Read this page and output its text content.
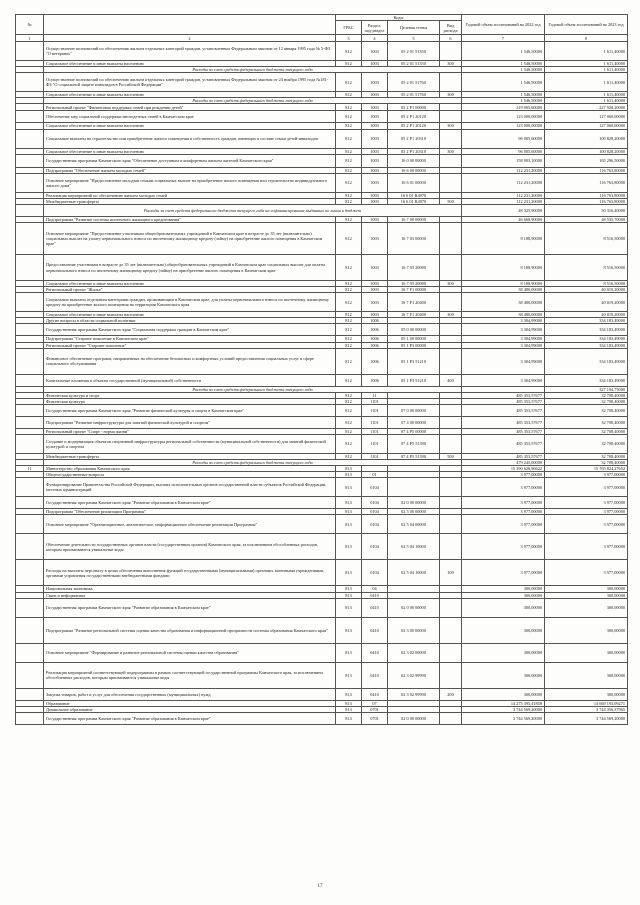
№		Коды				Годовой объем ассигнований на 2022 год	Годовой объем ассигнований на 2023 год
		ГРБС	Раздел, под-раздел	Целевая статья	Вид расхода		
1	2	3	4	5	6	7	8
	Осуществление полномочий по обеспечению жильем отдельных категорий граждан, установленных Федеральным законом от 12 января 1995 года № 5-ФЗ "О ветеранах"	812	1003	05 2 01 51350		1 546,50000	1 611,40000
	Социальное обеспечение и иные выплаты населению	812	1003	05 2 01 51350	300	1 546,50000	1 611,40000
	Расходы за счет средств федерального бюджета текущего года					1 546,50000	1 611,40000
	Осуществление полномочий по обеспечению жильем отдельных категорий граждан, установленных Федеральным законом от 24 ноября 1995 года №181-ФЗ "О социальной защите инвалидов в Российской Федерации"	812	1003	05 2 01 51760		1 546,50000	1 611,40000
	Социальное обеспечение и иные выплаты населению	812	1003	05 2 01 51760	300	1 546,50000	1 611,40000
	Расходы за счет средств федерального бюджета текущего года					1 546,50000	1 611,40000
	Региональный проект "Финансовая поддержка семей при рождении детей"	812	1003	05 2 P1 00000		219 005,60000	227 928,20000
	Обеспечение мер социальной поддержки многодетных семей в Камчатском крае	812	1003	05 2 P1 20120		123 000,00000	127 060,00000
	Социальное обеспечение и иные выплаты населению	812	1003	05 2 P1 20120	300	123 000,00000	127 060,00000
	Социальные выплаты на строительство или приобретение жилого помещения в собственность граждан, имеющих в составе семьи детей-инвалидов	812	1003	05 2 P1 20310		96 005,60000	100 828,20000
	Социальное обеспечение и иные выплаты населению	812	1003	05 2 P1 20310	300	96 005,60000	100 828,20000
	Государственная программа Камчатского края "Обеспечение доступным и комфортным жильем жителей Камчатского края"	812	1003	16 0 00 00000		158 903,10000	165 296,50000
	Подпрограмма "Обеспечение жильем молодых семей"	812	1003	16 6 00 00000		112 231,20000	116 763,80000
	Основное мероприятие "Предоставление молодым семьям социальных выплат на приобретение жилого помещения или строительство индивидуального жилого дома"	812	1003	16 6 01 00000		112 231,20000	116 763,80000
	Реализация мероприятий по обеспечению жильем молодых семей	812	1003	16 6 01 R4970		112 231,20000	116 763,80000
	Межбюджетные трансферты	812	1003	16 6 01 R4970	500	112 231,20000	116 763,80000
	Расходы за счет средств федерального бюджета текущего года на софинансирование выданных по линии в бюджет					48 325,90000	50 316,40000
	Подпрограмма "Развитие системы ипотечного жилищного кредитования"	812	1003	16 7 00 00000		46 668,90000	48 535,70000
	Основное мероприятие "Предоставление участникам общеобразовательных учреждений в Камчатском крае в возрасте до 35 лет (включительно) социальных выплат на уплату первоначального взноса по ипотечному жилищному кредиту (займу) на приобретение жилого помещения в Камчатском крае"	812	1003	16 7 03 00000		8 188,90000	8 516,50000
	Предоставление участникам в возрасте до 35 лет (включительно) общеобразовательных учреждений в Камчатском крае социальных выплат для оплаты первоначального взноса по ипотечному жилищному кредиту (займу) на приобретение жилого помещения в Камчатском крае	812	1003	16 7 03 20080		8 188,90000	8 516,50000
	Социальное обеспечение и иные выплаты населению	812	1003	16 7 03 20080	300	8 188,90000	8 516,50000
	Региональный проект "Жилье"	812	1003	16 7 F1 00000		38 480,00000	40 019,20000
	Социальные выплаты отдельным категориям граждан, проживающим в Камчатском крае, для уплаты первоначального взноса по ипотечному жилищному кредиту на приобретение жилого помещения на территории Камчатского края	812	1003	16 7 F1 20400		38 480,00000	40 019,20000
	Социальное обеспечение и иные выплаты населению	812	1003	16 7 F1 20400	300	38 480,00000	40 019,20000
	Другие вопросы в области социальной политики	812	1006			3 304,99000	334 183,49000
	Государственная программа Камчатского края "Социальная поддержка граждан в Камчатском крае"	812	1006	05 0 00 00000		3 304,99000	334 183,49000
	Подпрограмма "Старшее поколение в Камчатском крае"	812	1006	05 1 00 00000		3 304,99000	334 183,49000
	Региональный проект "Старшее поколение"	812	1006	05 1 P3 00000		3 304,99000	334 183,49000
	Финансовое обеспечение программ, направленных на обеспечение безопасных и комфортных условий предоставления социальных услуг в сфере социального обслуживания	812	1006	05 1 P3 51210		3 304,99000	334 183,49000
	Капитальные вложения в объекты государственной (муниципальной) собственности	812	1006	05 1 P3 51210	400	3 304,99000	334 183,49000
	Расходы за счет средств федерального бюджета текущего года						327 194,75000
	Физическая культура и спорт	812	11			485 353,57677	32 708,40000
	Физическая культура	812	1101			485 353,57677	32 708,40000
	Государственная программа Камчатского края "Развитие физической культуры и спорта в Камчатском крае"	812	1101	07 0 00 00000		485 353,57677	32 708,40000
	Подпрограмма "Развитие инфраструктуры для занятий физической культурой и спортом"	812	1101	07 4 00 00000		485 353,57677	32 708,40000
	Региональный проект "Спорт - норма жизни"	812	1101	07 4 P5 00000		485 353,57677	32 708,40000
	Создание и модернизация объектов спортивной инфраструктуры региональной собственности (муниципальной собственности) для занятий физической культурой и спортом	812	1101	07 4 P5 51390		485 353,57677	32 708,40000
	Межбюджетные трансферты	812	1101	07 4 P5 51390	500	485 353,57677	32 708,40000
	Расходы за счет средств федерального бюджета текущего года					479 245,00000	32 708,40000
11	Министерство образования Камчатского края	813				15 390 626,96622	15 765 824,27652
	Общегосударственные вопросы	813	01			3 977,00000	3 977,00000
	Функционирование Правительства Российской Федерации, высших исполнительных органов государственной власти субъектов Российской Федерации, местных администраций	813	0104			3 977,00000	3 977,00000
	Государственная программа Камчатского края "Развитие образования в Камчатском крае"	813	0104	02 0 00 00000		3 977,00000	3 977,00000
	Подпрограмма "Обеспечение реализации Программы"	813	0104	02 5 00 00000		3 977,00000	3 977,00000
	Основное мероприятие "Организационное, аналитическое, информационное обеспечение реализации Программы"	813	0104	02 5 04 00000		3 977,00000	3 977,00000
	Обеспечение деятельности государственных органов власти (государственных органов) Камчатского края, за исключением обособленных расходов, которым присваиваются уникальные коды	813	0104	02 5 04 10000		3 977,00000	3 977,00000
	Расходы на выплаты персоналу в целях обеспечения выполнения функций государственными (муниципальными) органами, казенными учреждениями, органами управления государственными внебюджетными фондами	813	0104	02 5 04 10000	100	3 977,00000	3 977,00000
	Национальная экономика	813	04			300,00000	300,00000
	Связь и информатика	813	0410			300,00000	300,00000
	Государственная программа Камчатского края "Развитие образования в Камчатском крае"	813	0410	02 0 00 00000		300,00000	300,00000
	Подпрограмма "Развитие региональной системы оценки качества образования и информационной прозрачности системы образования Камчатского края"	813	0410	02 3 00 00000		300,00000	300,00000
	Основное мероприятие "Формирование и развитие региональной системы оценки качества образования"	813	0410	02 3 02 00000		300,00000	300,00000
	Реализация мероприятий соответствующей подпрограммы в рамках соответствующей государственной программы Камчатского края, за исключением обособленных расходов, которым присваиваются уникальные коды	813	0410	02 3 02 99990		300,00000	300,00000
	Закупка товаров, работ и услуг для обеспечения государственных (муниципальных) нужд	813	0410	02 3 02 99990	200	300,00000	300,00000
	Образование	813	07			14 275 395,41858	14 669 193,09271
	Дошкольное образование	813	0701			3 744 569,20000	3 744 356,37965
	Государственная программа Камчатского края "Развитие образования в Камчатском крае"	813	0701	02 0 00 00000		3 744 569,20000	3 744 569,20000
17
